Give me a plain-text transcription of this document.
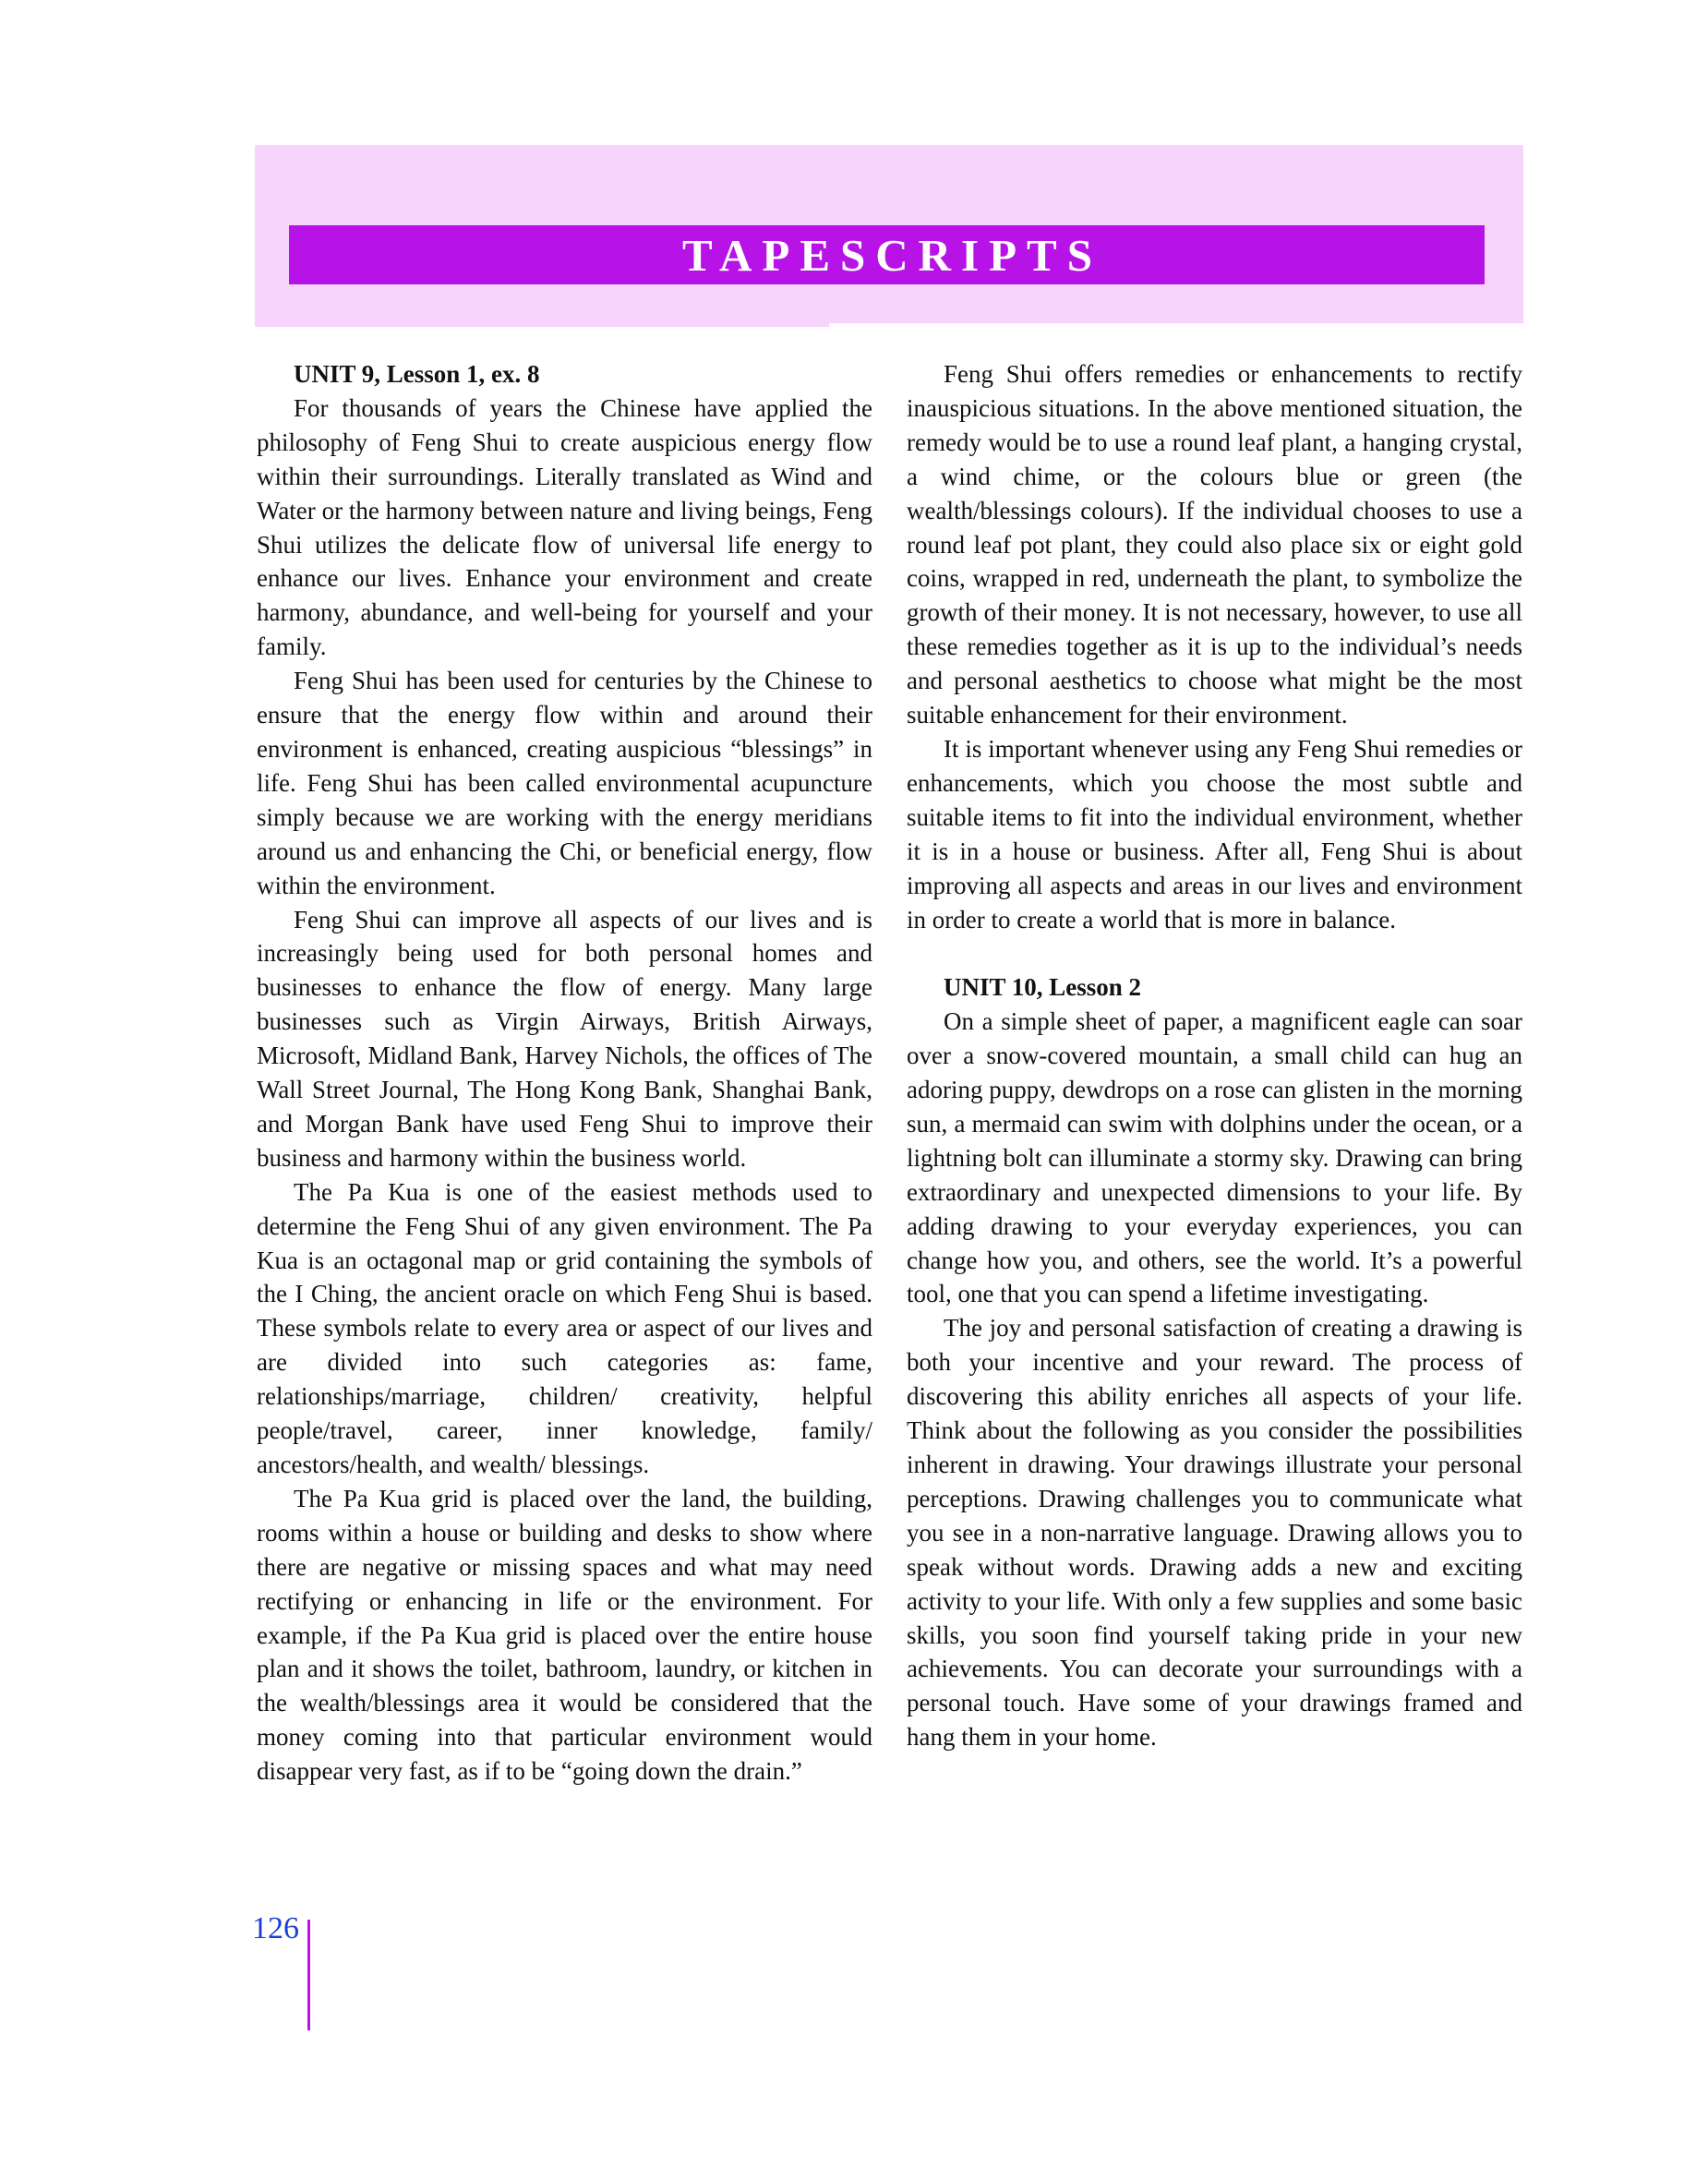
TAPESCRIPTS
UNIT 9, Lesson 1, ex. 8

For thousands of years the Chinese have applied the philosophy of Feng Shui to create auspicious energy flow within their surroundings. Literally translated as Wind and Water or the harmony between nature and living beings, Feng Shui utilizes the delicate flow of universal life energy to enhance our lives. Enhance your environment and create harmony, abundance, and well-being for yourself and your family.

Feng Shui has been used for centuries by the Chinese to ensure that the energy flow within and around their environment is enhanced, creating auspicious “blessings” in life. Feng Shui has been called environmental acupuncture simply because we are working with the energy meridians around us and enhancing the Chi, or beneficial energy, flow within the environment.

Feng Shui can improve all aspects of our lives and is increasingly being used for both personal homes and businesses to enhance the flow of energy. Many large businesses such as Virgin Airways, British Airways, Microsoft, Midland Bank, Harvey Nichols, the offices of The Wall Street Journal, The Hong Kong Bank, Shanghai Bank, and Morgan Bank have used Feng Shui to improve their business and harmony within the business world.

The Pa Kua is one of the easiest methods used to determine the Feng Shui of any given environment. The Pa Kua is an octagonal map or grid containing the symbols of the I Ching, the ancient oracle on which Feng Shui is based. These symbols relate to every area or aspect of our lives and are divided into such categories as: fame, relationships/marriage, children/ creativity, helpful people/travel, career, inner knowledge, family/ ancestors/health, and wealth/ blessings.

The Pa Kua grid is placed over the land, the building, rooms within a house or building and desks to show where there are negative or missing spaces and what may need rectifying or enhancing in life or the environment. For example, if the Pa Kua grid is placed over the entire house plan and it shows the toilet, bathroom, laundry, or kitchen in the wealth/blessings area it would be considered that the money coming into that particular environment would disappear very fast, as if to be “going down the drain.”

Feng Shui offers remedies or enhancements to rectify inauspicious situations. In the above mentioned situation, the remedy would be to use a round leaf plant, a hanging crystal, a wind chime, or the colours blue or green (the wealth/blessings colours). If the individual chooses to use a round leaf pot plant, they could also place six or eight gold coins, wrapped in red, underneath the plant, to symbolize the growth of their money. It is not necessary, however, to use all these remedies together as it is up to the individual’s needs and personal aesthetics to choose what might be the most suitable enhancement for their environment.

It is important whenever using any Feng Shui remedies or enhancements, which you choose the most subtle and suitable items to fit into the individual environment, whether it is in a house or business. After all, Feng Shui is about improving all aspects and areas in our lives and environment in order to create a world that is more in balance.

UNIT 10, Lesson 2

On a simple sheet of paper, a magnificent eagle can soar over a snow-covered mountain, a small child can hug an adoring puppy, dewdrops on a rose can glisten in the morning sun, a mermaid can swim with dolphins under the ocean, or a lightning bolt can illuminate a stormy sky. Drawing can bring extraordinary and unexpected dimensions to your life. By adding drawing to your everyday experiences, you can change how you, and others, see the world. It’s a powerful tool, one that you can spend a lifetime investigating.

The joy and personal satisfaction of creating a drawing is both your incentive and your reward. The process of discovering this ability enriches all aspects of your life. Think about the following as you consider the possibilities inherent in drawing. Your drawings illustrate your personal perceptions. Drawing challenges you to communicate what you see in a non-narrative language. Drawing allows you to speak without words. Drawing adds a new and exciting activity to your life. With only a few supplies and some basic skills, you soon find yourself taking pride in your new achievements. You can decorate your surroundings with a personal touch. Have some of your drawings framed and hang them in your home.

126
